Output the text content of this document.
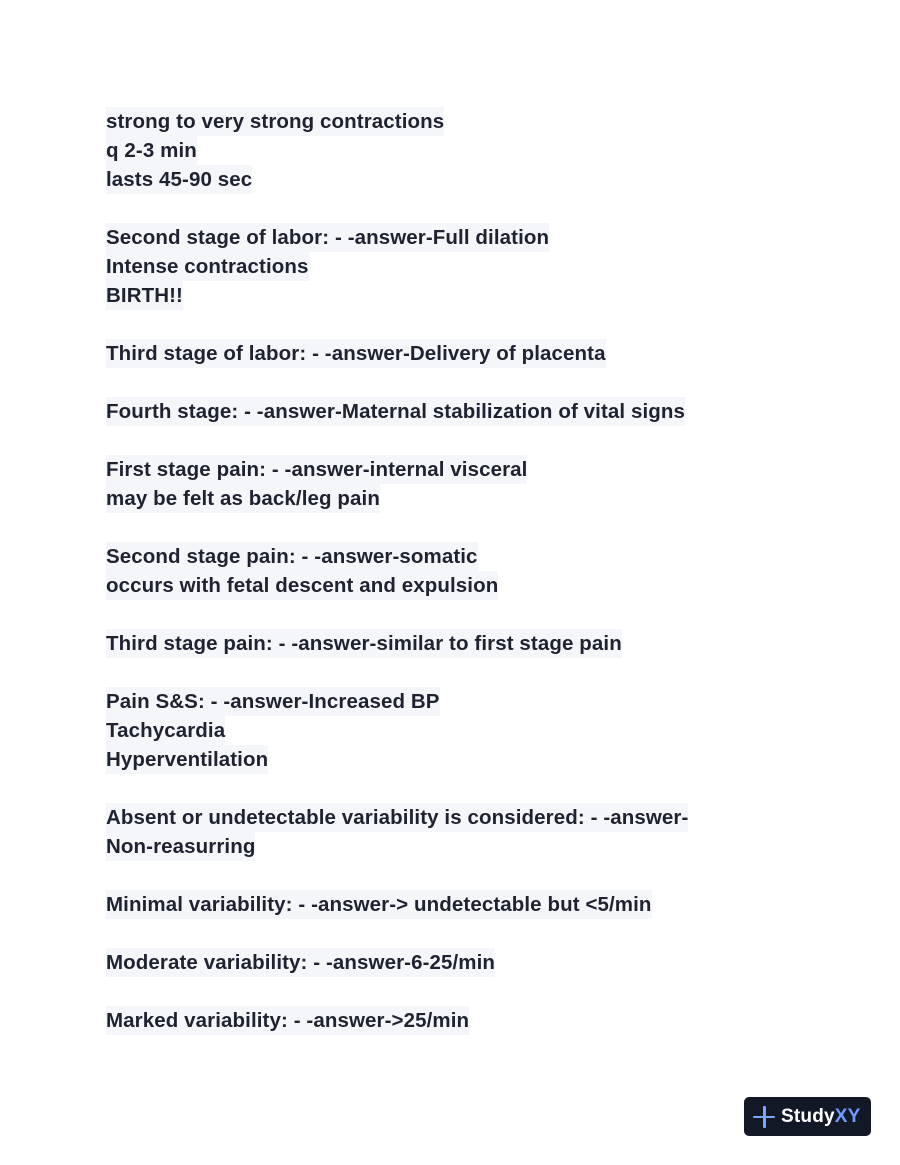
strong to very strong contractions
q 2-3 min
lasts 45-90 sec
Second stage of labor: - -answer-Full dilation
Intense contractions
BIRTH!!
Third stage of labor: - -answer-Delivery of placenta
Fourth stage: - -answer-Maternal stabilization of vital signs
First stage pain: - -answer-internal visceral
may be felt as back/leg pain
Second stage pain: - -answer-somatic
occurs with fetal descent and expulsion
Third stage pain: - -answer-similar to first stage pain
Pain S&S: - -answer-Increased BP
Tachycardia
Hyperventilation
Absent or undetectable variability is considered: - -answer-
Non-reasurring
Minimal variability: - -answer-> undetectable but <5/min
Moderate variability: - -answer-6-25/min
Marked variability: - -answer->25/min
StudyXY
